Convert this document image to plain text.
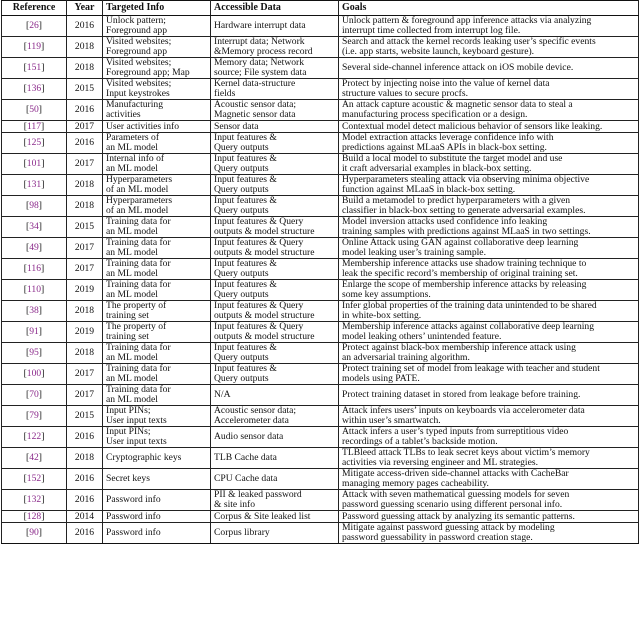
Reference	Year	Targeted Info	Accessible Data	Goals
[26]	2016	Unlock pattern;
Foreground app	Hardware interrupt data	Unlock pattern & foreground app inference attacks via analyzing
interrupt time collected from interrupt log file.

[119]	2018	Visited websites;
Foreground app	Interrupt data; Network
&Memory process record	Search and attack the kernel records leaking user’s specific events
(i.e. app starts, website launch, keyboard gesture).

[151]	2018	Visited websites;
Foreground app; Map	Memory data; Network
source; File system data	Several side-channel inference attack on iOS mobile device.

[136]	2015	Visited websites;
Input keystrokes	Kernel data-structure
fields	Protect by injecting noise into the value of kernel data
structure values to secure procfs.

[50]	2016	Manufacturing
activities	Acoustic sensor data;
Magnetic sensor data	An attack capture acoustic & magnetic sensor data to steal a
manufacturing process specification or a design.

[117]	2017	User activities info	Sensor data	Contextual model detect malicious behavior of sensors like leaking.

[125]	2016	Parameters of
an ML model	Input features &
Query outputs	Model extraction attacks leverage confidence info with
predictions against MLaaS APIs in black-box setting.

[101]	2017	Internal info of
an ML model	Input features &
Query outputs	Build a local model to substitute the target model and use
it craft adversarial examples in black-box setting.

[131]	2018	Hyperparameters
of an ML model	Input features &
Query outputs	Hyperparameters stealing attack via observing minima objective
function against MLaaS in black-box setting.

[98]	2018	Hyperparameters
of an ML model	Input features &
Query outputs	Build a metamodel to predict hyperparameters with a given
classifier in black-box setting to generate adversarial examples.

[34]	2015	Training data for
an ML model	Input features & Query
outputs & model structure	Model inversion attacks used confidence info leaking
training samples with predictions against MLaaS in two settings.

[49]	2017	Training data for
an ML model	Input features & Query
outputs & model structure	Online Attack using GAN against collaborative deep learning
model leaking user’s training sample.

[116]	2017	Training data for
an ML model	Input features &
Query outputs	Membership inference attacks use shadow training technique to
leak the specific record’s membership of original training set.

[110]	2019	Training data for
an ML model	Input features &
Query outputs	Enlarge the scope of membership inference attacks by releasing
some key assumptions.

[38]	2018	The property of
training set	Input features & Query
outputs & model structure	Infer global properties of the training data unintended to be shared
in white-box setting.

[91]	2019	The property of
training set	Input features & Query
outputs & model structure	Membership inference attacks against collaborative deep learning
model leaking others’ unintended feature.

[95]	2018	Training data for
an ML model	Input features &
Query outputs	Protect against black-box membership inference attack using
an adversarial training algorithm.

[100]	2017	Training data for
an ML model	Input features &
Query outputs	Protect training set of model from leakage with teacher and student
models using PATE.

[70]	2017	Training data for
an ML model	N/A	Protect training dataset in stored from leakage before training.

[79]	2015	Input PINs;
User input texts	Acoustic sensor data;
Accelerometer data	Attack infers users’ inputs on keyboards via accelerometer data
within user’s smartwatch.

[122]	2016	Input PINs;
User input texts	Audio sensor data	Attack infers a user’s typed inputs from surreptitious video
recordings of a tablet’s backside motion.

[42]	2018	Cryptographic keys	TLB Cache data	TLBleed attack TLBs to leak secret keys about victim’s memory
activities via reversing engineer and ML strategies.

[152]	2016	Secret keys	CPU Cache data	Mitigate access-driven side-channel attacks with CacheBar
managing memory pages cacheability.

[132]	2016	Password info	PII & leaked password
& site info	Attack with seven mathematical guessing models for seven
password guessing scenario using different personal info.

[128]	2014	Password info	Corpus & Site leaked list	Password guessing attack by analyzing its semantic patterns.

[90]	2016	Password info	Corpus library	Mitigate against password guessing attack by modeling
password guessability in password creation stage.
